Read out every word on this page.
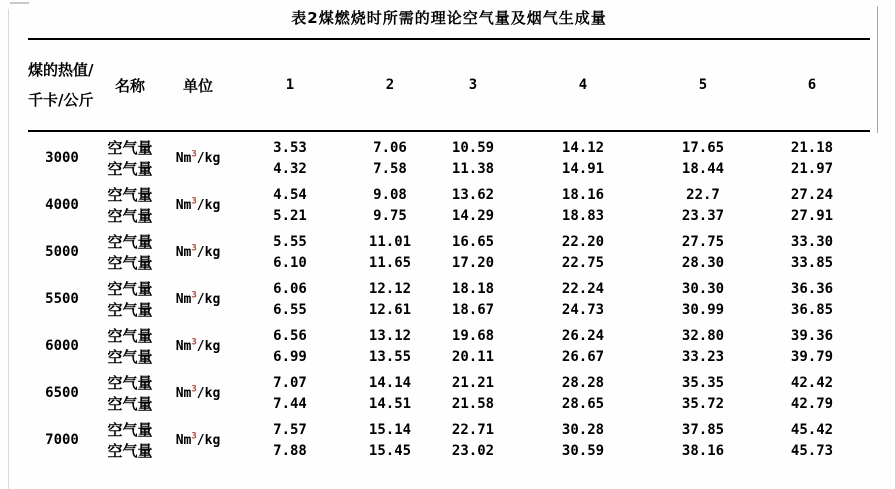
表2煤燃烧时所需的理论空气量及烟气生成量
煤的热值/
千卡/公斤	名称	单位	1	2	3	4	5	6
3000	空气量	Nm$^3$/kg	3.53	7.06	10.59	14.12	17.65	21.18
	空气量		4.32	7.58	11.38	14.91	18.44	21.97
4000	空气量	Nm$^3$/kg	4.54	9.08	13.62	18.16	22.7	27.24
	空气量		5.21	9.75	14.29	18.83	23.37	27.91
5000	空气量	Nm$^3$/kg	5.55	11.01	16.65	22.20	27.75	33.30
	空气量		6.10	11.65	17.20	22.75	28.30	33.85
5500	空气量	Nm$^3$/kg	6.06	12.12	18.18	22.24	30.30	36.36
	空气量		6.55	12.61	18.67	24.73	30.99	36.85
6000	空气量	Nm$^3$/kg	6.56	13.12	19.68	26.24	32.80	39.36
	空气量		6.99	13.55	20.11	26.67	33.23	39.79
6500	空气量	Nm$^3$/kg	7.07	14.14	21.21	28.28	35.35	42.42
	空气量		7.44	14.51	21.58	28.65	35.72	42.79
7000	空气量	Nm$^3$/kg	7.57	15.14	22.71	30.28	37.85	45.42
	空气量		7.88	15.45	23.02	30.59	38.16	45.73
